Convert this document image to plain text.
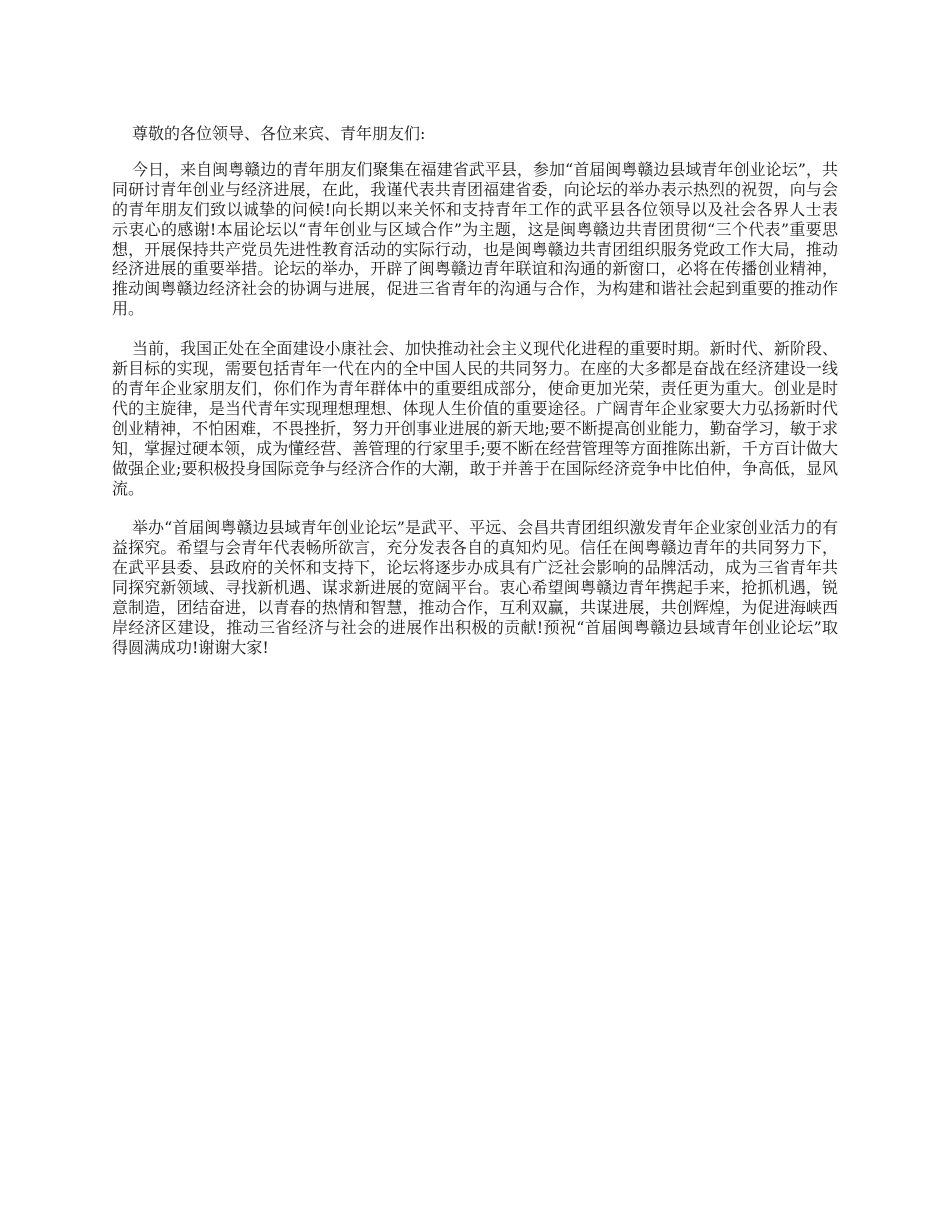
尊敬的各位领导、各位来宾、青年朋友们:

今日，来自闽粤赣边的青年朋友们聚集在福建省武平县，参加“首届闽粤赣边县域青年创业论坛”，共同研讨青年创业与经济进展，在此，我谨代表共青团福建省委，向论坛的举办表示热烈的祝贺，向与会的青年朋友们致以诚挚的问候!向长期以来关怀和支持青年工作的武平县各位领导以及社会各界人士表示衷心的感谢!本届论坛以“青年创业与区域合作”为主题，这是闽粤赣边共青团贯彻“三个代表”重要思想，开展保持共产党员先进性教育活动的实际行动，也是闽粤赣边共青团组织服务党政工作大局，推动经济进展的重要举措。论坛的举办，开辟了闽粤赣边青年联谊和沟通的新窗口，必将在传播创业精神，推动闽粤赣边经济社会的协调与进展，促进三省青年的沟通与合作，为构建和谐社会起到重要的推动作用。

当前，我国正处在全面建设小康社会、加快推动社会主义现代化进程的重要时期。新时代、新阶段、新目标的实现，需要包括青年一代在内的全中国人民的共同努力。在座的大多都是奋战在经济建设一线的青年企业家朋友们，你们作为青年群体中的重要组成部分，使命更加光荣，责任更为重大。创业是时代的主旋律，是当代青年实现理想理想、体现人生价值的重要途径。广阔青年企业家要大力弘扬新时代创业精神，不怕困难，不畏挫折，努力开创事业进展的新天地;要不断提高创业能力，勤奋学习，敏于求知，掌握过硬本领，成为懂经营、善管理的行家里手;要不断在经营管理等方面推陈出新，千方百计做大做强企业;要积极投身国际竞争与经济合作的大潮，敢于并善于在国际经济竞争中比伯仲，争高低，显风流。

举办“首届闽粤赣边县域青年创业论坛”是武平、平远、会昌共青团组织激发青年企业家创业活力的有益探究。希望与会青年代表畅所欲言，充分发表各自的真知灼见。信任在闽粤赣边青年的共同努力下，在武平县委、县政府的关怀和支持下，论坛将逐步办成具有广泛社会影响的品牌活动，成为三省青年共同探究新领域、寻找新机遇、谋求新进展的宽阔平台。衷心希望闽粤赣边青年携起手来，抢抓机遇，锐意制造，团结奋进，以青春的热情和智慧，推动合作，互利双赢，共谋进展，共创辉煌，为促进海峡西岸经济区建设，推动三省经济与社会的进展作出积极的贡献!预祝“首届闽粤赣边县域青年创业论坛”取得圆满成功!谢谢大家!
